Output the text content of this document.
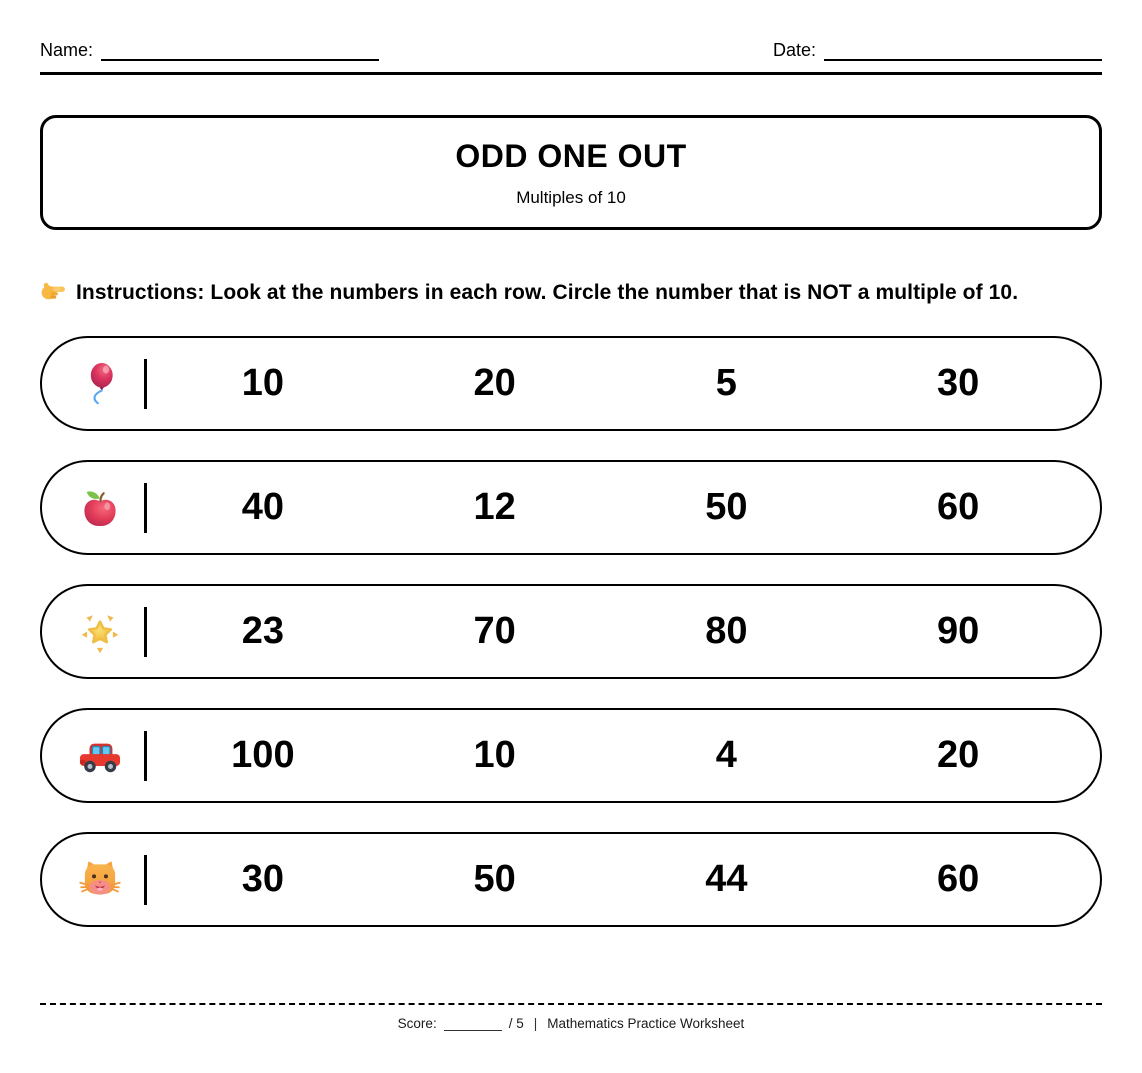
Name:	Date:
ODD ONE OUT
Multiples of 10

Instructions: Look at the numbers in each row. Circle the number that is NOT a multiple of 10.

10	20	5	30
40	12	50	60
23	70	80	90
100	10	4	20
30	50	44	60
Score:	/ 5 | Mathematics Practice Worksheet
